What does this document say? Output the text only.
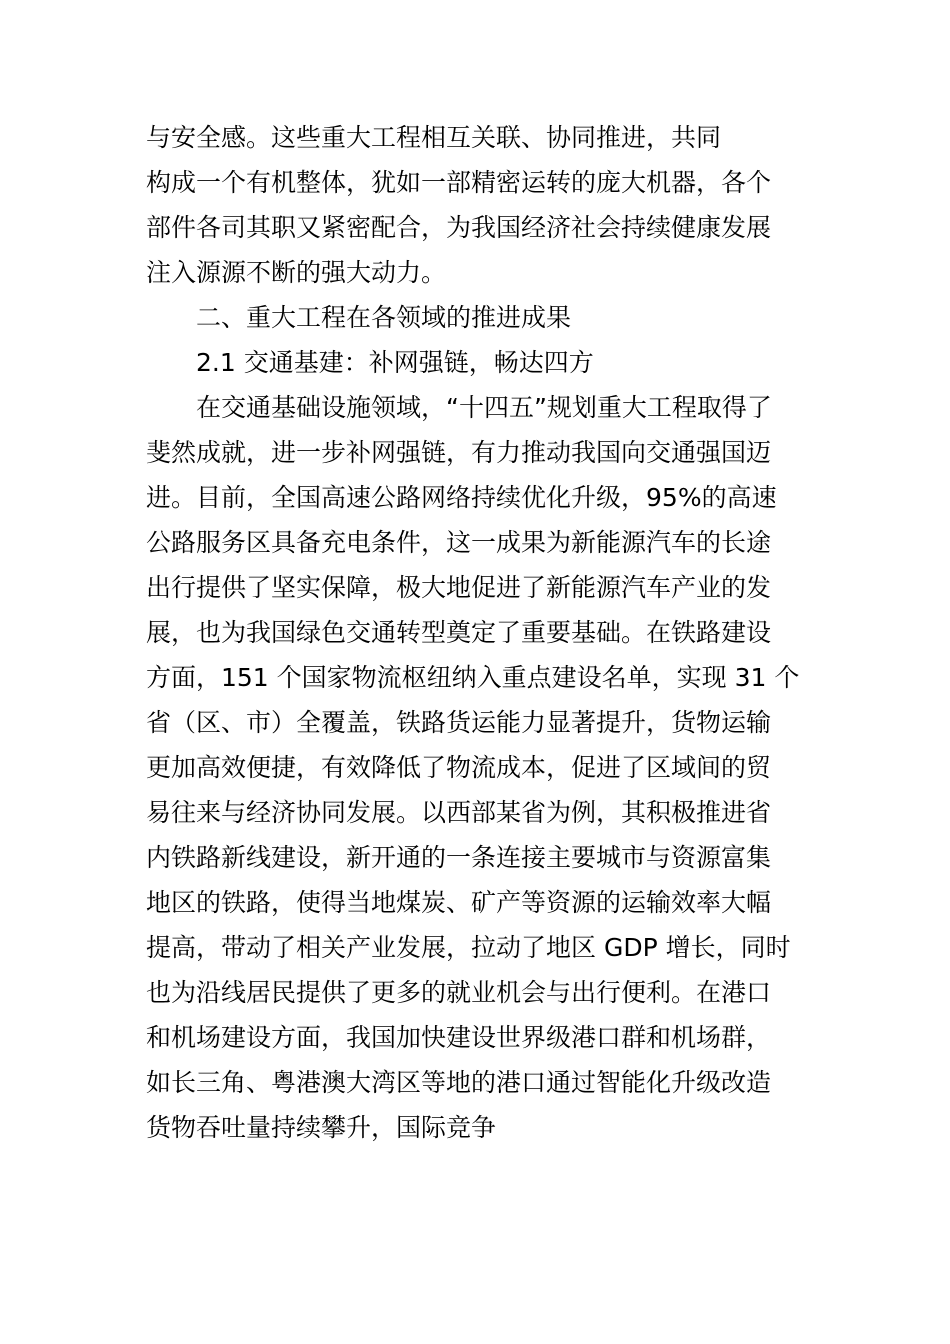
与安全感。这些重大工程相互关联、协同推进，共同
构成一个有机整体，犹如一部精密运转的庞大机器，各个
部件各司其职又紧密配合，为我国经济社会持续健康发展
注入源源不断的强大动力。
二、重大工程在各领域的推进成果
2.1 交通基建：补网强链，畅达四方
在交通基础设施领域，“十四五”规划重大工程取得了
斐然成就，进一步补网强链，有力推动我国向交通强国迈
进。目前，全国高速公路网络持续优化升级，95%的高速
公路服务区具备充电条件，这一成果为新能源汽车的长途
出行提供了坚实保障，极大地促进了新能源汽车产业的发
展，也为我国绿色交通转型奠定了重要基础。在铁路建设
方面，151 个国家物流枢纽纳入重点建设名单，实现 31 个
省（区、市）全覆盖，铁路货运能力显著提升，货物运输
更加高效便捷，有效降低了物流成本，促进了区域间的贸
易往来与经济协同发展。以西部某省为例，其积极推进省
内铁路新线建设，新开通的一条连接主要城市与资源富集
地区的铁路，使得当地煤炭、矿产等资源的运输效率大幅
提高，带动了相关产业发展，拉动了地区 GDP 增长，同时
也为沿线居民提供了更多的就业机会与出行便利。在港口
和机场建设方面，我国加快建设世界级港口群和机场群，
如长三角、粤港澳大湾区等地的港口通过智能化升级改造
货物吞吐量持续攀升，国际竞争
